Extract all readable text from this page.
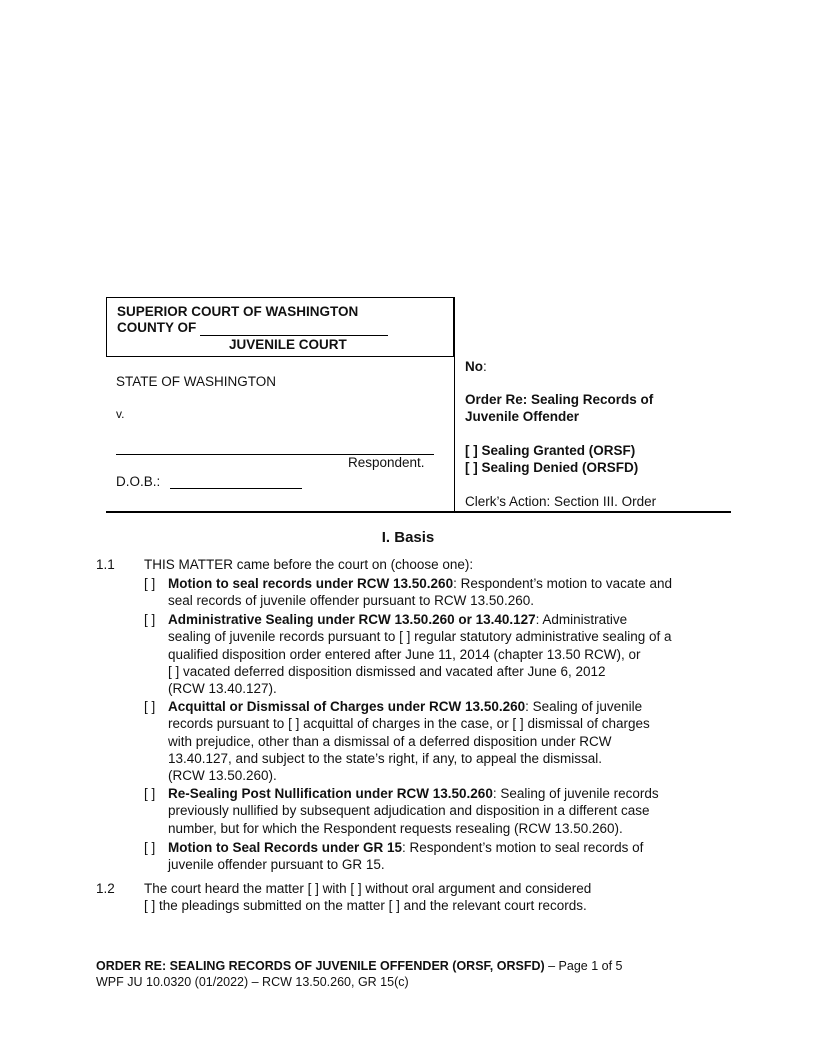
SUPERIOR COURT OF WASHINGTON
COUNTY OF
JUVENILE COURT
STATE OF WASHINGTON
v.
Respondent.
D.O.B.:
No:
Order Re: Sealing Records of
Juvenile Offender
[ ] Sealing Granted (ORSF)
[ ] Sealing Denied (ORSFD)
Clerk’s Action: Section III. Order
I. Basis
1.1 THIS MATTER came before the court on (choose one):
[ ] Motion to seal records under RCW 13.50.260: Respondent’s motion to vacate and
seal records of juvenile offender pursuant to RCW 13.50.260.
[ ] Administrative Sealing under RCW 13.50.260 or 13.40.127: Administrative
sealing of juvenile records pursuant to [ ] regular statutory administrative sealing of a
qualified disposition order entered after June 11, 2014 (chapter 13.50 RCW), or
[ ] vacated deferred disposition dismissed and vacated after June 6, 2012
(RCW 13.40.127).
[ ] Acquittal or Dismissal of Charges under RCW 13.50.260: Sealing of juvenile
records pursuant to [ ] acquittal of charges in the case, or [ ] dismissal of charges
with prejudice, other than a dismissal of a deferred disposition under RCW
13.40.127, and subject to the state’s right, if any, to appeal the dismissal.
(RCW 13.50.260).
[ ] Re-Sealing Post Nullification under RCW 13.50.260: Sealing of juvenile records
previously nullified by subsequent adjudication and disposition in a different case
number, but for which the Respondent requests resealing (RCW 13.50.260).
[ ] Motion to Seal Records under GR 15: Respondent’s motion to seal records of
juvenile offender pursuant to GR 15.
1.2 The court heard the matter [ ] with [ ] without oral argument and considered
[ ] the pleadings submitted on the matter [ ] and the relevant court records.
ORDER RE: SEALING RECORDS OF JUVENILE OFFENDER (ORSF, ORSFD) – Page 1 of 5
WPF JU 10.0320 (01/2022) – RCW 13.50.260, GR 15(c)
